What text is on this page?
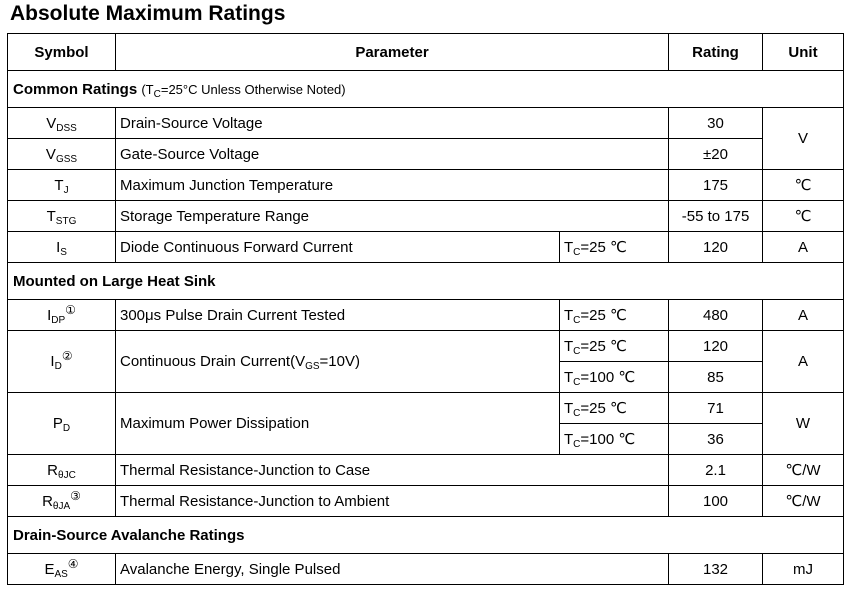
Absolute Maximum Ratings
Symbol	Parameter		Rating	Unit
Common Ratings ($T_C=25^\circ C$ Unless Otherwise Noted)				
$V_{DSS}$	Drain-Source Voltage		30	V
$V_{GSS}$	Gate-Source Voltage		±20	
$T_J$	Maximum Junction Temperature		175	℃
$T_{STG}$	Storage Temperature Range		-55 to 175	℃
$I_S$	Diode Continuous Forward Current	$T_C=25$ ℃	120	A
Mounted on Large Heat Sink				
$I_{DP}^①$	300μs Pulse Drain Current Tested	$T_C=25$ ℃	480	A
$I_D^②$	Continuous Drain $Current(V_{GS}=10V)$	$T_C=25$ ℃	120	A
		$T_C=100$ ℃	85	
$P_D$	Maximum Power Dissipation	$T_C=25$ ℃	71	W
		$T_C=100$ ℃	36	
$R_{\theta JC}$	Thermal Resistance-Junction to Case		2.1	℃/W
$R_{\theta JA}^③$	Thermal Resistance-Junction to Ambient		100	℃/W
Drain-Source Avalanche Ratings				
$E_{AS}^④$	Avalanche Energy, Single Pulsed		132	mJ
